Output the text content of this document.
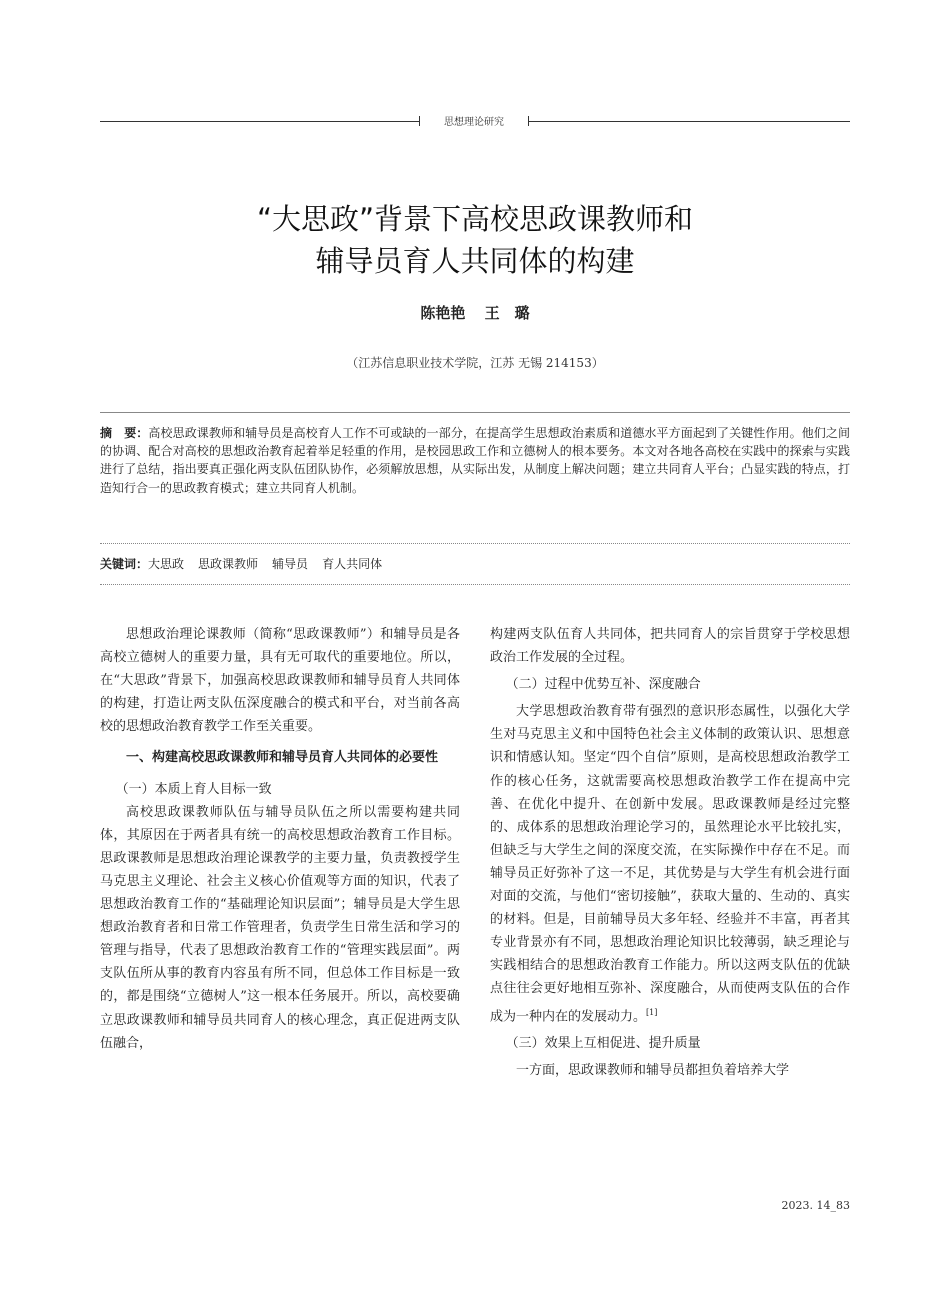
思想理论研究
“大思政”背景下高校思政课教师和
辅导员育人共同体的构建
陈艳艳 王　璐
（江苏信息职业技术学院，江苏 无锡 214153）
摘　要：高校思政课教师和辅导员是高校育人工作不可或缺的一部分，在提高学生思想政治素质和道德水平方面起到了关键性作用。他们之间的协调、配合对高校的思想政治教育起着举足轻重的作用，是校园思政工作和立德树人的根本要务。本文对各地各高校在实践中的探索与实践进行了总结，指出要真正强化两支队伍团队协作，必须解放思想，从实际出发，从制度上解决问题；建立共同育人平台；凸显实践的特点，打造知行合一的思政教育模式；建立共同育人机制。
关键词：大思政 思政课教师 辅导员 育人共同体

思想政治理论课教师（简称“思政课教师”）和辅导员是各高校立德树人的重要力量，具有无可取代的重要地位。所以，在“大思政”背景下，加强高校思政课教师和辅导员育人共同体的构建，打造让两支队伍深度融合的模式和平台，对当前各高校的思想政治教育教学工作至关重要。

一、构建高校思政课教师和辅导员育人共同体的必要性
（一）本质上育人目标一致

高校思政课教师队伍与辅导员队伍之所以需要构建共同体，其原因在于两者具有统一的高校思想政治教育工作目标。思政课教师是思想政治理论课教学的主要力量，负责教授学生马克思主义理论、社会主义核心价值观等方面的知识，代表了思想政治教育工作的“基础理论知识层面”；辅导员是大学生思想政治教育者和日常工作管理者，负责学生日常生活和学习的管理与指导，代表了思想政治教育工作的“管理实践层面”。两支队伍所从事的教育内容虽有所不同，但总体工作目标是一致的，都是围绕“立德树人”这一根本任务展开。所以，高校要确立思政课教师和辅导员共同育人的核心理念，真正促进两支队伍融合，

构建两支队伍育人共同体，把共同育人的宗旨贯穿于学校思想政治工作发展的全过程。

（二）过程中优势互补、深度融合

大学思想政治教育带有强烈的意识形态属性，以强化大学生对马克思主义和中国特色社会主义体制的政策认识、思想意识和情感认知。坚定“四个自信”原则，是高校思想政治教学工作的核心任务，这就需要高校思想政治教学工作在提高中完善、在优化中提升、在创新中发展。思政课教师是经过完整的、成体系的思想政治理论学习的，虽然理论水平比较扎实，但缺乏与大学生之间的深度交流，在实际操作中存在不足。而辅导员正好弥补了这一不足，其优势是与大学生有机会进行面对面的交流，与他们“密切接触”，获取大量的、生动的、真实的材料。但是，目前辅导员大多年轻、经验并不丰富，再者其专业背景亦有不同，思想政治理论知识比较薄弱，缺乏理论与实践相结合的思想政治教育工作能力。所以这两支队伍的优缺点往往会更好地相互弥补、深度融合，从而使两支队伍的合作成为一种内在的发展动力。[1]

（三）效果上互相促进、提升质量

一方面，思政课教师和辅导员都担负着培养大学

2023. 14_83
